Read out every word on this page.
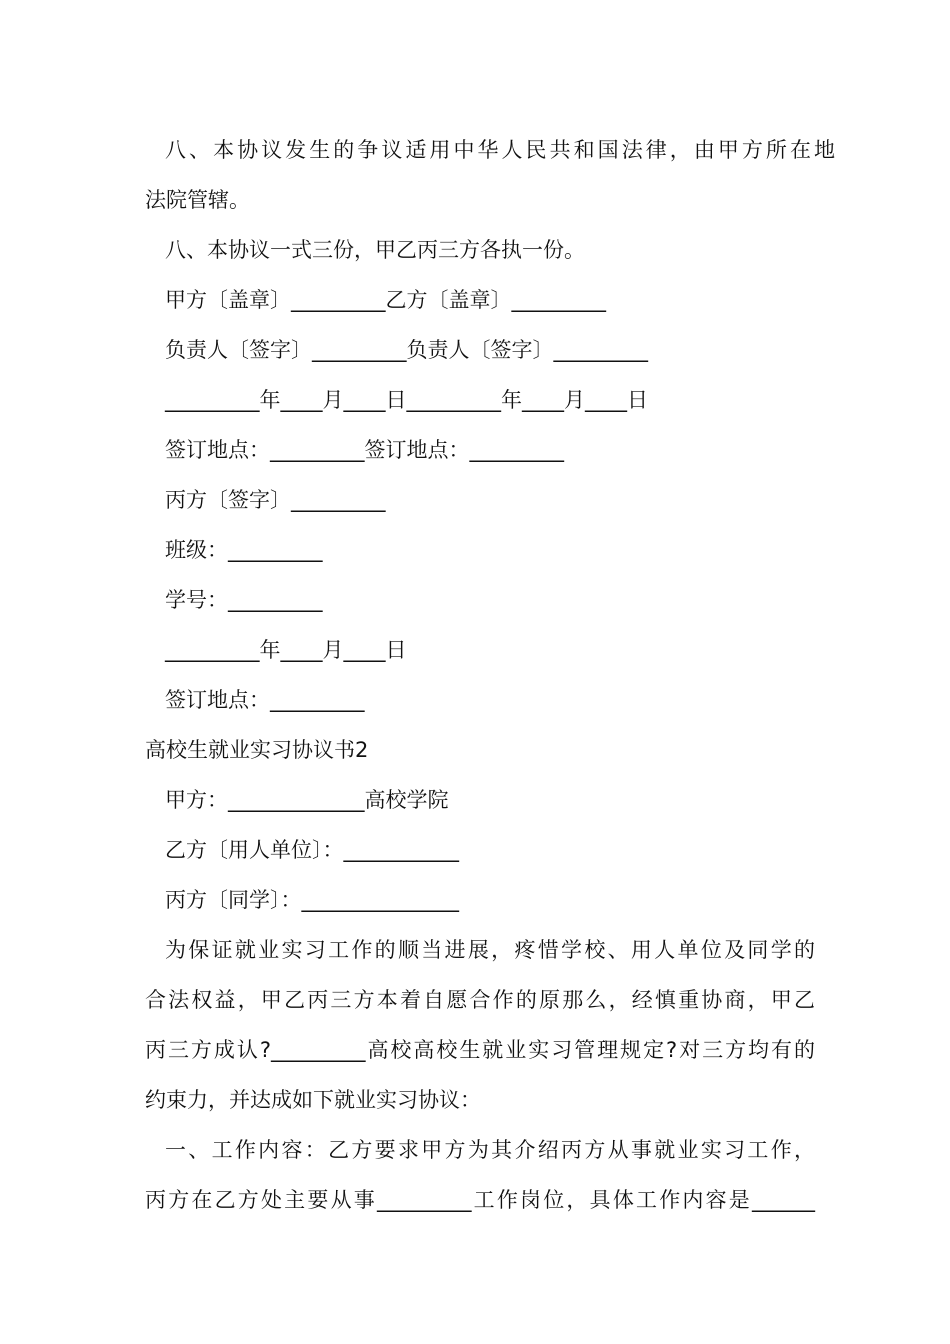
八、本协议发生的争议适用中华人民共和国法律，由甲方所在地

法院管辖。

八、本协议一式三份，甲乙丙三方各执一份。

甲方〔盖章〕_________乙方〔盖章〕_________

负责人〔签字〕_________负责人〔签字〕_________

_________年____月____日_________年____月____日

签订地点：_________签订地点：_________

丙方〔签字〕_________

班级：_________

学号：_________

_________年____月____日

签订地点：_________

高校生就业实习协议书2

甲方：_____________高校学院

乙方〔用人单位〕：___________

丙方〔同学〕：_______________

为保证就业实习工作的顺当进展，疼惜学校、用人单位及同学的

合法权益，甲乙丙三方本着自愿合作的原那么，经慎重协商，甲乙

丙三方成认?_________高校高校生就业实习管理规定?对三方均有的

约束力，并达成如下就业实习协议：

一、工作内容：乙方要求甲方为其介绍丙方从事就业实习工作，

丙方在乙方处主要从事_________工作岗位，具体工作内容是______
